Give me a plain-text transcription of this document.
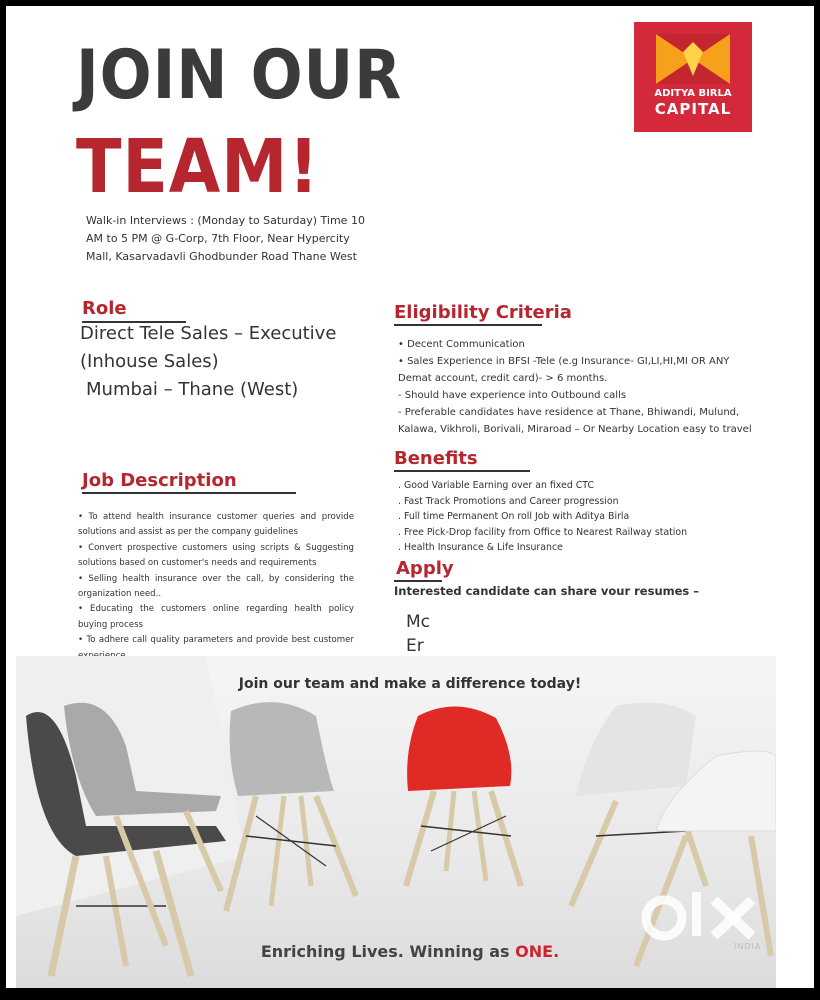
JOIN OUR
TEAM!
Walk-in Interviews : (Monday to Saturday) Time 10
AM to 5 PM @ G-Corp, 7th Floor, Near Hypercity
Mall, Kasarvadavli Ghodbunder Road Thane West
ADITYA BIRLA
CAPITAL
Role
Direct Tele Sales – Executive
(Inhouse Sales)
Mumbai – Thane (West)
Job Description
• To attend health insurance customer queries and provide solutions and assist as per the company guidelines
• Convert prospective customers using scripts & Suggesting solutions based on customer's needs and requirements
• Selling health insurance over the call, by considering the organization need..
• Educating the customers online regarding health policy buying process
• To adhere call quality parameters and provide best customer
Eligibility Criteria
• Decent Communication
• Sales Experience in BFSI -Tele (e.g Insurance- GI,LI,HI,MI OR ANY Demat account, credit card)- > 6 months.
- Should have experience into Outbound calls
- Preferable candidates have residence at Thane, Bhiwandi, Mulund, Kalawa, Vikhroli, Borivali, Miraroad – Or Nearby Location easy to travel
Benefits
. Good Variable Earning over an fixed CTC
. Fast Track Promotions and Career progression
. Full time Permanent On roll Job with Aditya Birla
. Free Pick-Drop facility from Office to Nearest Railway station
. Health Insurance & Life Insurance
Apply
Interested candidate can share vour resumes –
Mc
Er
Join our team and make a difference today!
Enriching Lives. Winning as ONE.	INDIA
